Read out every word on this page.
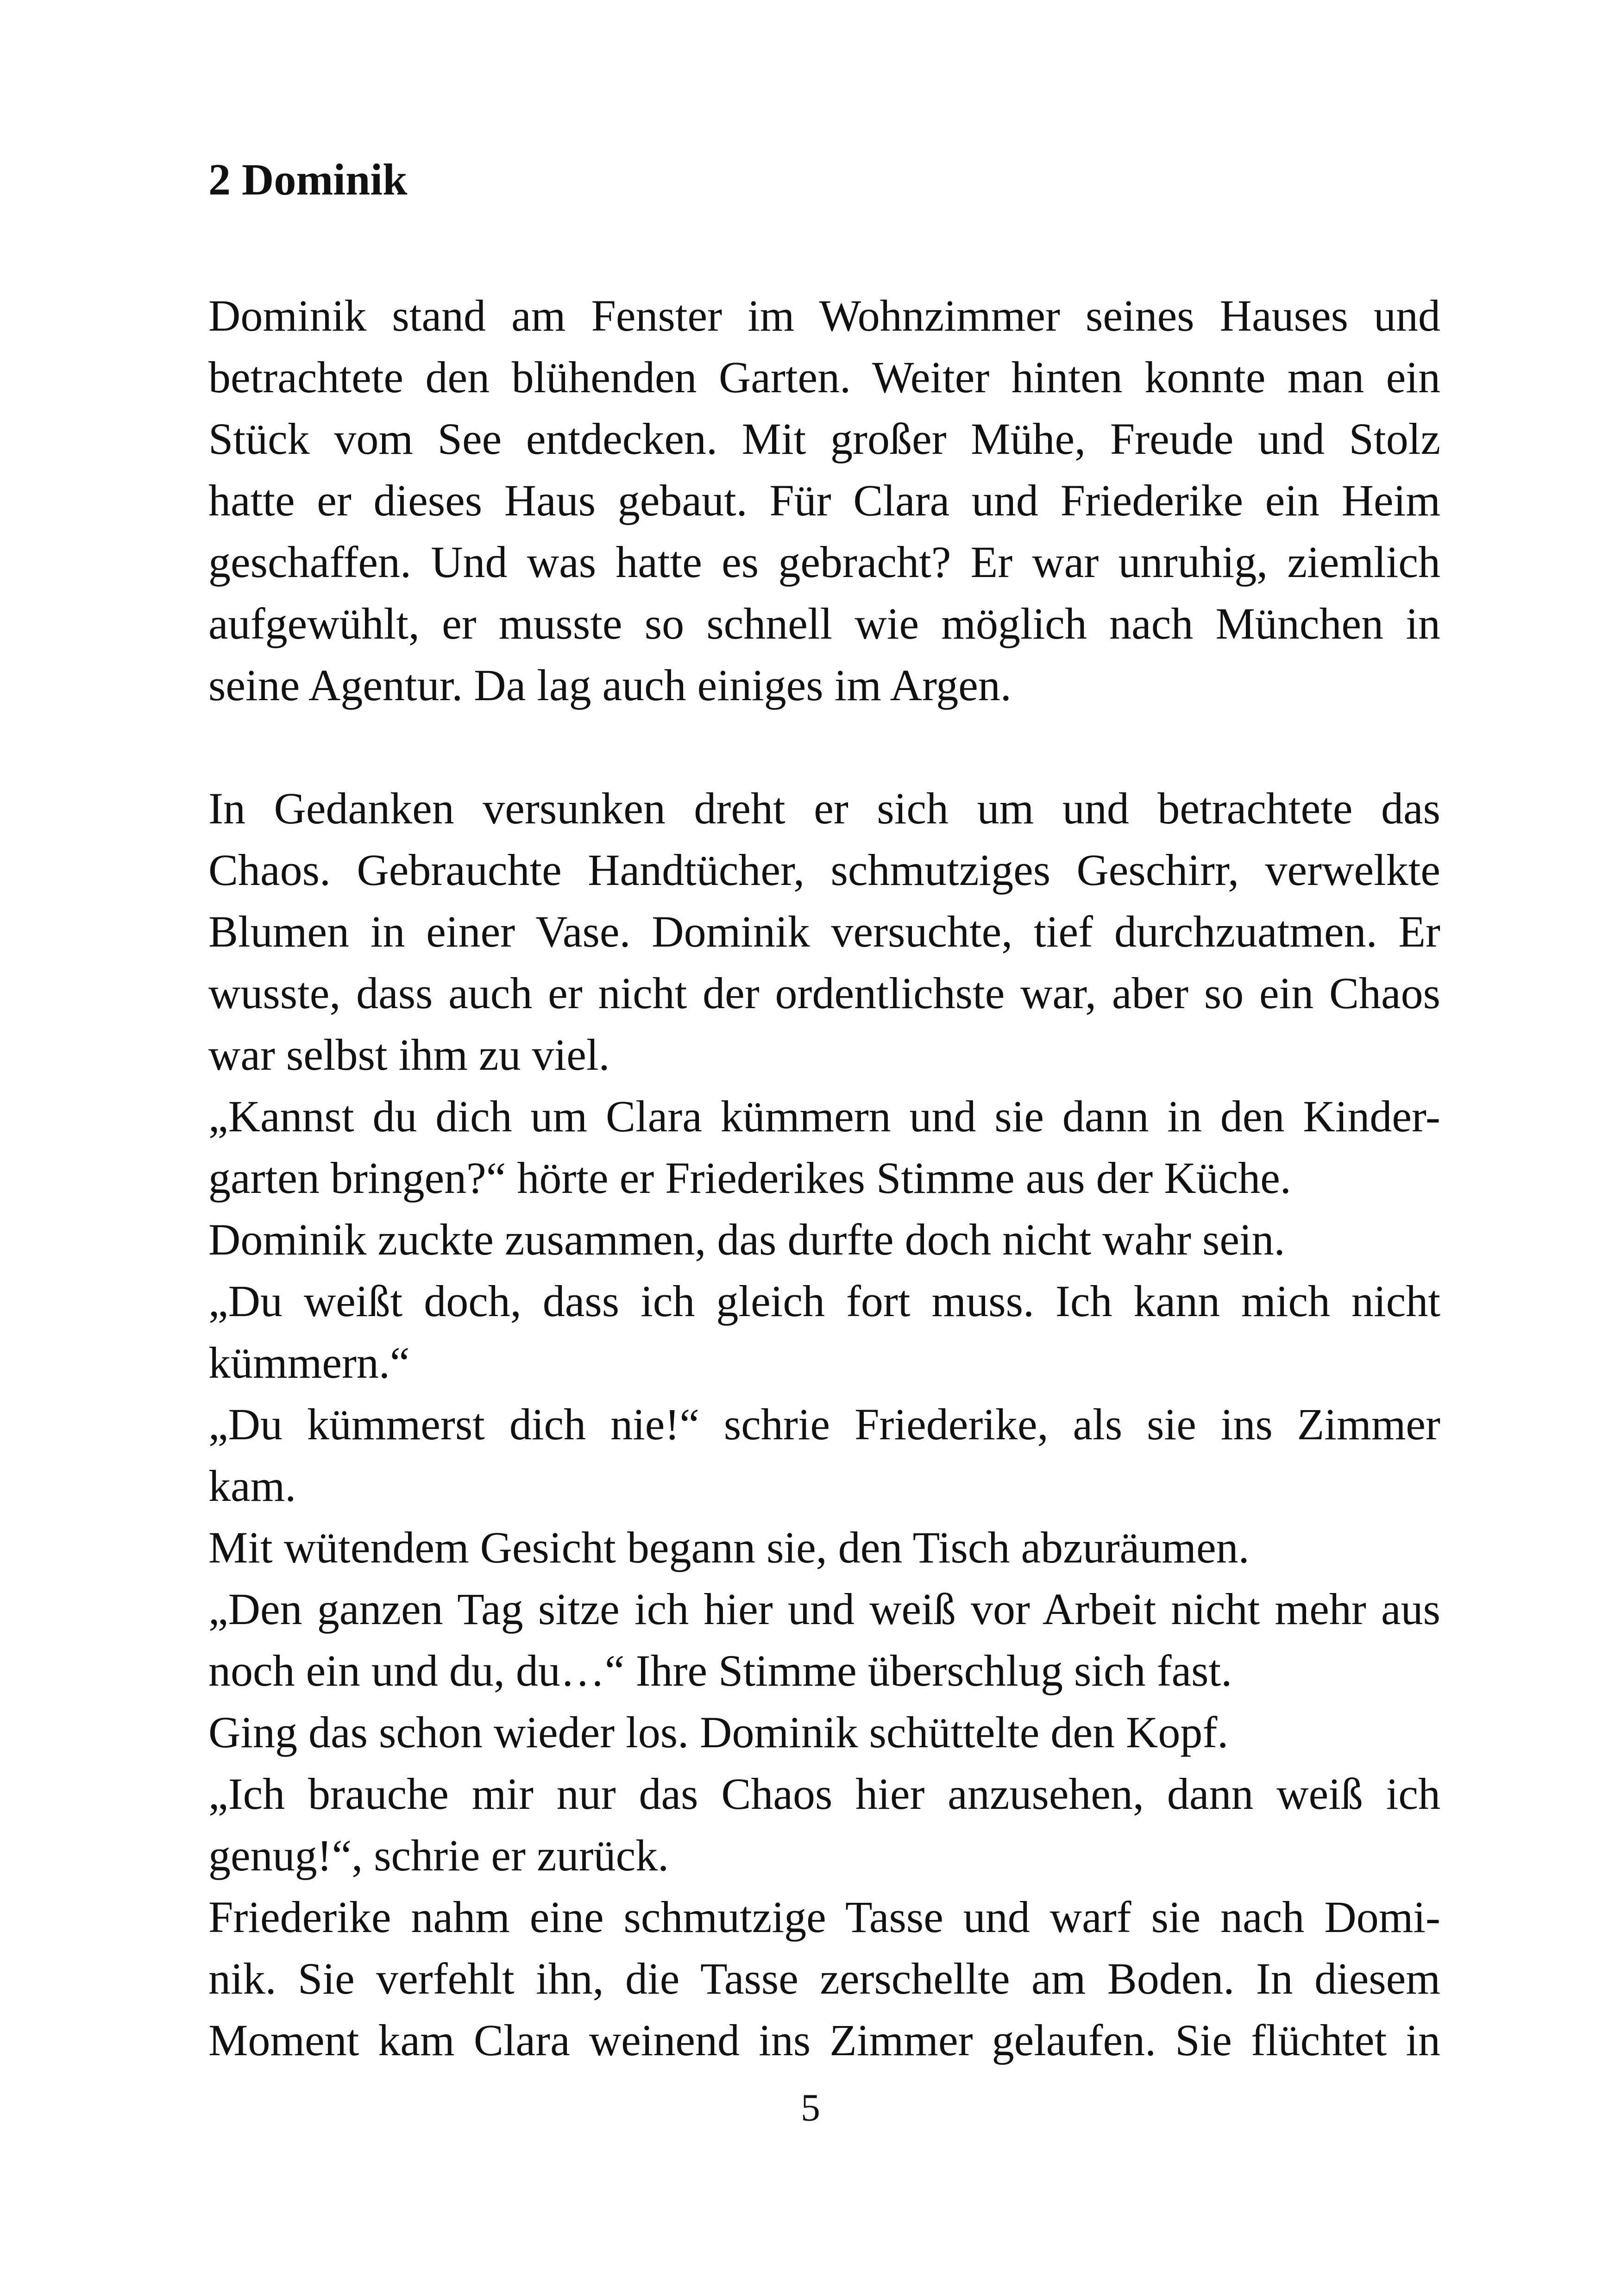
2 Dominik
Dominik stand am Fenster im Wohnzimmer seines Hauses und
betrachtete den blühenden Garten. Weiter hinten konnte man ein
Stück vom See entdecken. Mit großer Mühe, Freude und Stolz
hatte er dieses Haus gebaut. Für Clara und Friederike ein Heim
geschaffen. Und was hatte es gebracht? Er war unruhig, ziemlich
aufgewühlt, er musste so schnell wie möglich nach München in
seine Agentur. Da lag auch einiges im Argen.
In Gedanken versunken dreht er sich um und betrachtete das
Chaos. Gebrauchte Handtücher, schmutziges Geschirr, verwelkte
Blumen in einer Vase. Dominik versuchte, tief durchzuatmen. Er
wusste, dass auch er nicht der ordentlichste war, aber so ein Chaos
war selbst ihm zu viel.
„Kannst du dich um Clara kümmern und sie dann in den Kinder-
garten bringen?“ hörte er Friederikes Stimme aus der Küche.
Dominik zuckte zusammen, das durfte doch nicht wahr sein.
„Du weißt doch, dass ich gleich fort muss. Ich kann mich nicht
kümmern.“
„Du kümmerst dich nie!“ schrie Friederike, als sie ins Zimmer
kam.
Mit wütendem Gesicht begann sie, den Tisch abzuräumen.
„Den ganzen Tag sitze ich hier und weiß vor Arbeit nicht mehr aus
noch ein und du, du…“ Ihre Stimme überschlug sich fast.
Ging das schon wieder los. Dominik schüttelte den Kopf.
„Ich brauche mir nur das Chaos hier anzusehen, dann weiß ich
genug!“, schrie er zurück.
Friederike nahm eine schmutzige Tasse und warf sie nach Domi-
nik. Sie verfehlt ihn, die Tasse zerschellte am Boden. In diesem
Moment kam Clara weinend ins Zimmer gelaufen. Sie flüchtet in
5
